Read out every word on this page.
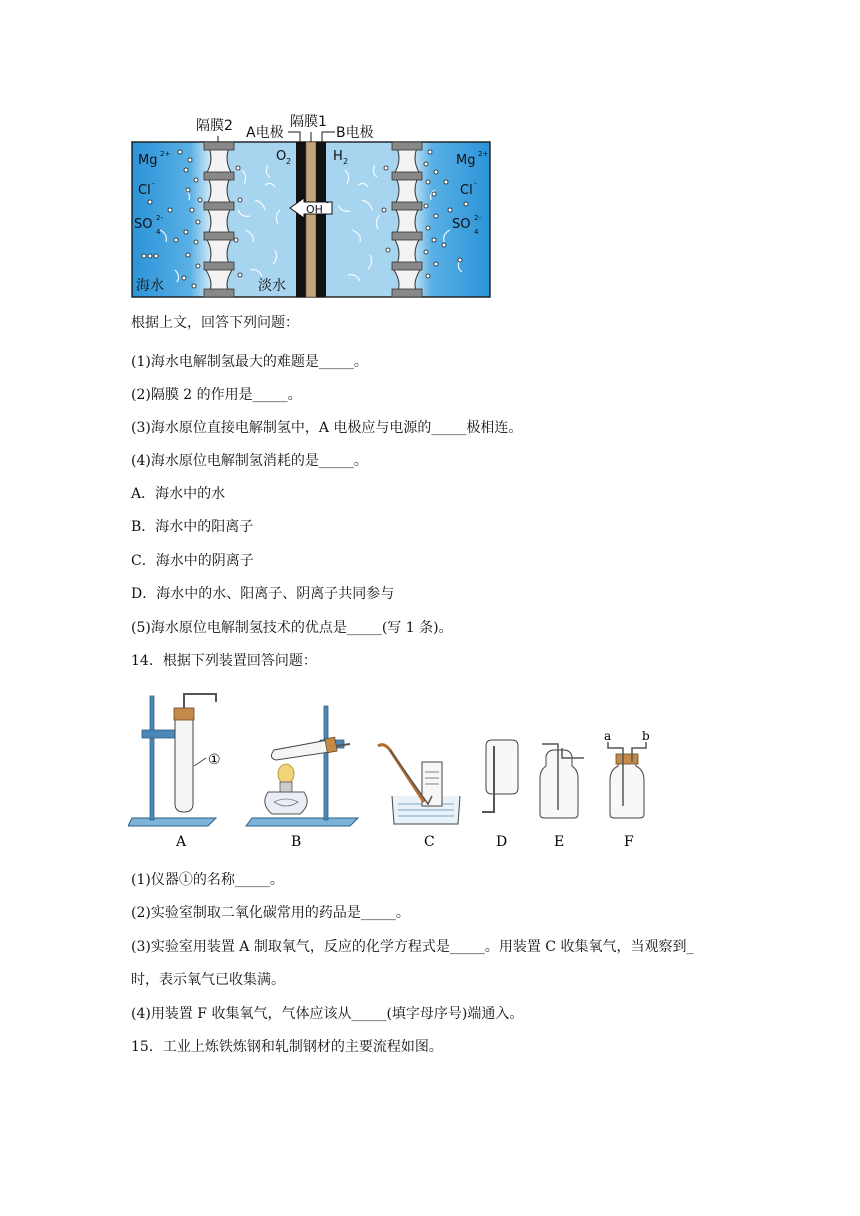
隔膜2 A电极
隔膜1
B电极
O 2	H 2
OH
-
Mg 2+
Cl -
SO 2-
4
Mg 2+
Cl -
SO 2-
4
海水	淡水
根据上文，回答下列问题：
(1)海水电解制氢最大的难题是_____。
(2)隔膜 2 的作用是_____。
(3)海水原位直接电解制氢中，A 电极应与电源的_____极相连。
(4)海水原位电解制氢消耗的是_____。
A．海水中的水
B．海水中的阳离子
C．海水中的阴离子
D．海水中的水、阳离子、阴离子共同参与
(5)海水原位电解制氢技术的优点是_____(写 1 条)。
14．根据下列装置回答问题：
①
A	B	C	D	E
a	b
F
(1)仪器①的名称_____。
(2)实验室制取二氧化碳常用的药品是_____。
(3)实验室用装置 A 制取氧气，反应的化学方程式是_____。用装置 C 收集氧气，当观察到_
时，表示氧气已收集满。
(4)用装置 F 收集氧气，气体应该从_____(填字母序号)端通入。
15．工业上炼铁炼钢和轧制钢材的主要流程如图。
